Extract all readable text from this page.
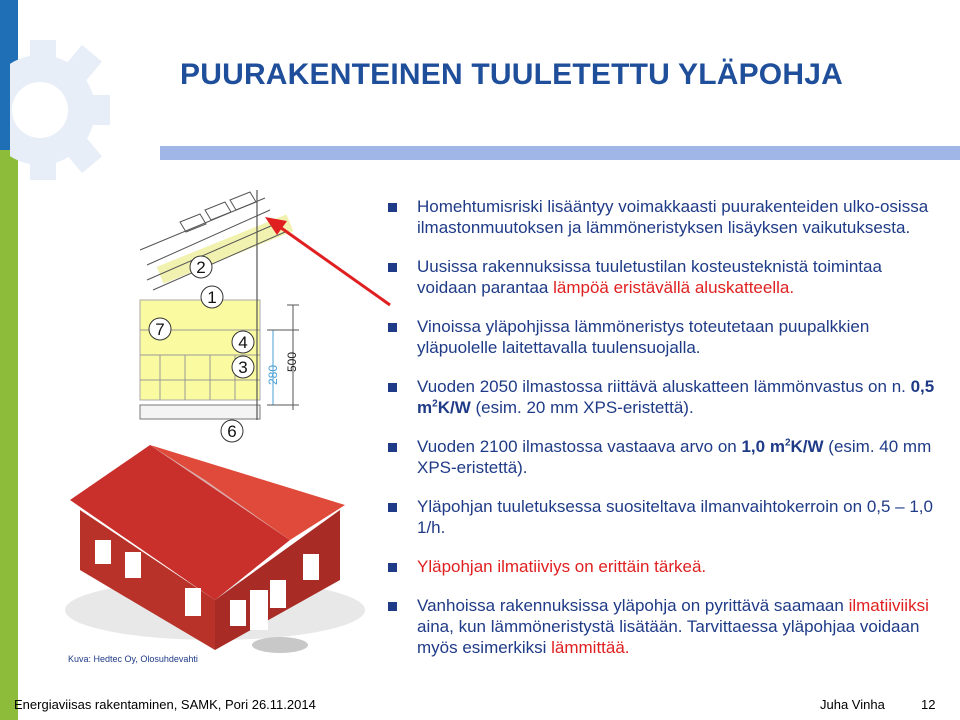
PUURAKENTEINEN TUULETETTU YLÄPOHJA
2
1
7
4
3
6
280
500
Homehtumisriski lisääntyy voimakkaasti puurakenteiden ulko-osissa ilmastonmuutoksen ja lämmöneristyksen lisäyksen vaikutuksesta.
Uusissa rakennuksissa tuuletustilan kosteusteknistä toimintaa voidaan parantaa lämpöä eristävällä aluskatteella.
Vinoissa yläpohjissa lämmöneristys toteutetaan puupalkkien yläpuolelle laitettavalla tuulensuojalla.
Vuoden 2050 ilmastossa riittävä aluskatteen lämmönvastus on n. 0,5 $m^2K/W$ (esim. 20 mm XPS-eristettä).
Vuoden 2100 ilmastossa vastaava arvo on 1,0 $m^2K/W$ (esim. 40 mm XPS-eristettä).
Yläpohjan tuuletuksessa suositeltava ilmanvaihtokerroin on 0,5 – 1,0 1/h.
Yläpohjan ilmatiiviys on erittäin tärkeä.
Vanhoissa rakennuksissa yläpohja on pyrittävä saamaan ilmatiiviiksi aina, kun lämmöneristystä lisätään. Tarvittaessa yläpohjaa voidaan myös esimerkiksi lämmittää.
Kuva: Hedtec Oy, Olosuhdevahti
Energiaviisas rakentaminen, SAMK, Pori 26.11.2014	Juha Vinha	12
